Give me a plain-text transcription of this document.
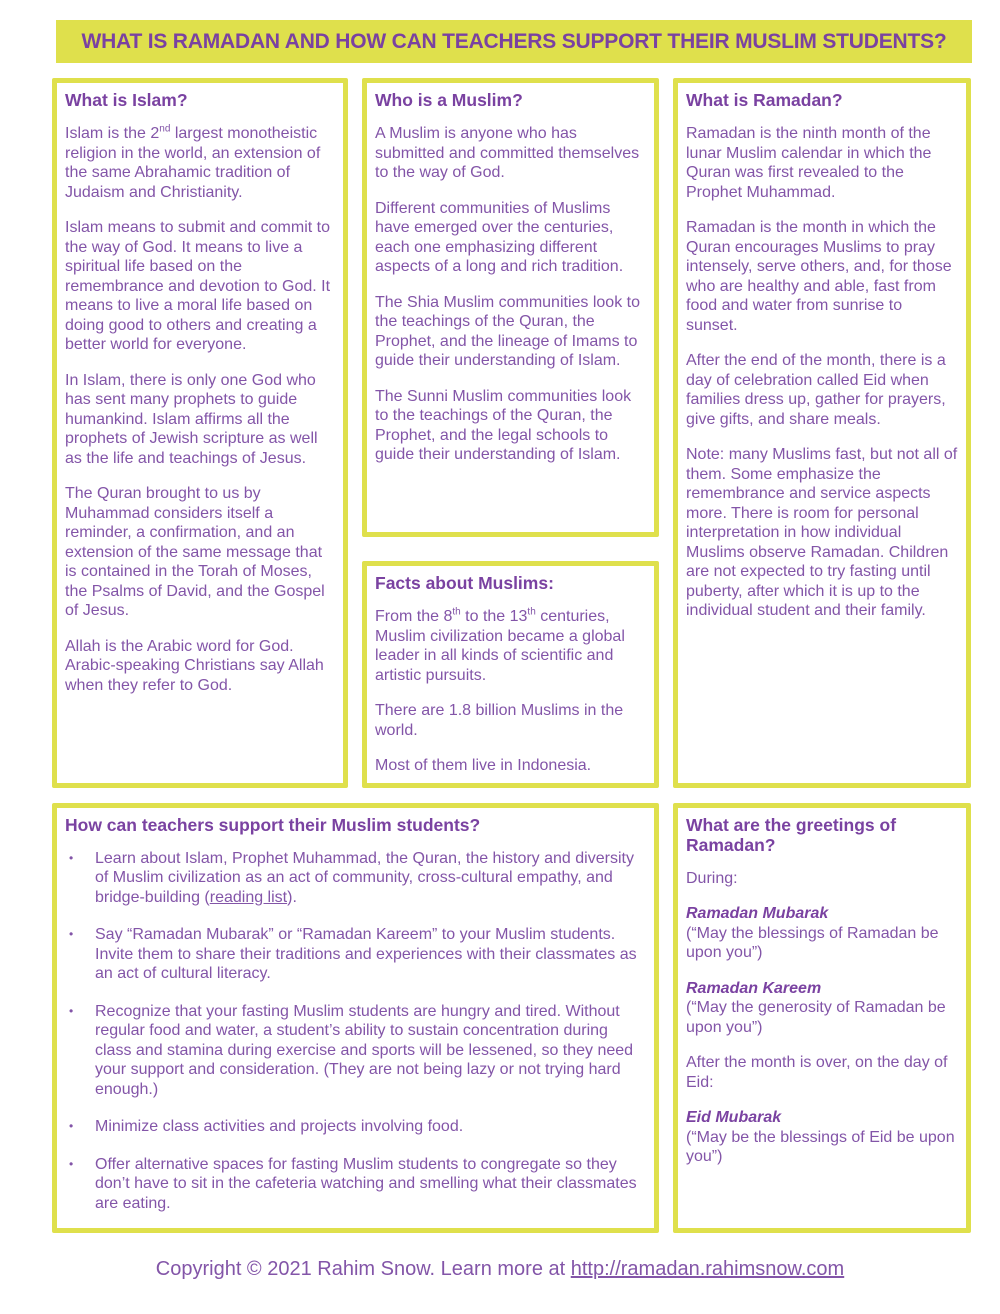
WHAT IS RAMADAN AND HOW CAN TEACHERS SUPPORT THEIR MUSLIM STUDENTS?
What is Islam?

Islam is the 2nd largest monotheistic religion in the world, an extension of the same Abrahamic tradition of Judaism and Christianity.

Islam means to submit and commit to the way of God. It means to live a spiritual life based on the remembrance and devotion to God. It means to live a moral life based on doing good to others and creating a better world for everyone.

In Islam, there is only one God who has sent many prophets to guide humankind. Islam affirms all the prophets of Jewish scripture as well as the life and teachings of Jesus.

The Quran brought to us by Muhammad considers itself a reminder, a confirmation, and an extension of the same message that is contained in the Torah of Moses, the Psalms of David, and the Gospel of Jesus.

Allah is the Arabic word for God. Arabic-speaking Christians say Allah when they refer to God.

Who is a Muslim?

A Muslim is anyone who has submitted and committed themselves to the way of God.

Different communities of Muslims have emerged over the centuries, each one emphasizing different aspects of a long and rich tradition.

The Shia Muslim communities look to the teachings of the Quran, the Prophet, and the lineage of Imams to guide their understanding of Islam.

The Sunni Muslim communities look to the teachings of the Quran, the Prophet, and the legal schools to guide their understanding of Islam.

Facts about Muslims:

From the 8th to the 13th centuries, Muslim civilization became a global leader in all kinds of scientific and artistic pursuits.

There are 1.8 billion Muslims in the world.

Most of them live in Indonesia.

What is Ramadan?

Ramadan is the ninth month of the lunar Muslim calendar in which the Quran was first revealed to the Prophet Muhammad.

Ramadan is the month in which the Quran encourages Muslims to pray intensely, serve others, and, for those who are healthy and able, fast from food and water from sunrise to sunset.

After the end of the month, there is a day of celebration called Eid when families dress up, gather for prayers, give gifts, and share meals.

Note: many Muslims fast, but not all of them. Some emphasize the remembrance and service aspects more. There is room for personal interpretation in how individual Muslims observe Ramadan. Children are not expected to try fasting until puberty, after which it is up to the individual student and their family.

How can teachers support their Muslim students?
•	Learn about Islam, Prophet Muhammad, the Quran, the history and diversity of Muslim civilization as an act of community, cross-cultural empathy, and bridge-building (reading list).
•	Say “Ramadan Mubarak” or “Ramadan Kareem” to your Muslim students. Invite them to share their traditions and experiences with their classmates as an act of cultural literacy.
•	Recognize that your fasting Muslim students are hungry and tired. Without regular food and water, a student’s ability to sustain concentration during class and stamina during exercise and sports will be lessened, so they need your support and consideration. (They are not being lazy or not trying hard enough.)
•	Minimize class activities and projects involving food.
•	Offer alternative spaces for fasting Muslim students to congregate so they don’t have to sit in the cafeteria watching and smelling what their classmates are eating.
What are the greetings of Ramadan?

During:

Ramadan Mubarak
(“May the blessings of Ramadan be upon you”)
Ramadan Kareem
(“May the generosity of Ramadan be upon you”)

After the month is over, on the day of Eid:

Eid Mubarak
(“May be the blessings of Eid be upon you”)
Copyright © 2021 Rahim Snow. Learn more at http://ramadan.rahimsnow.com
